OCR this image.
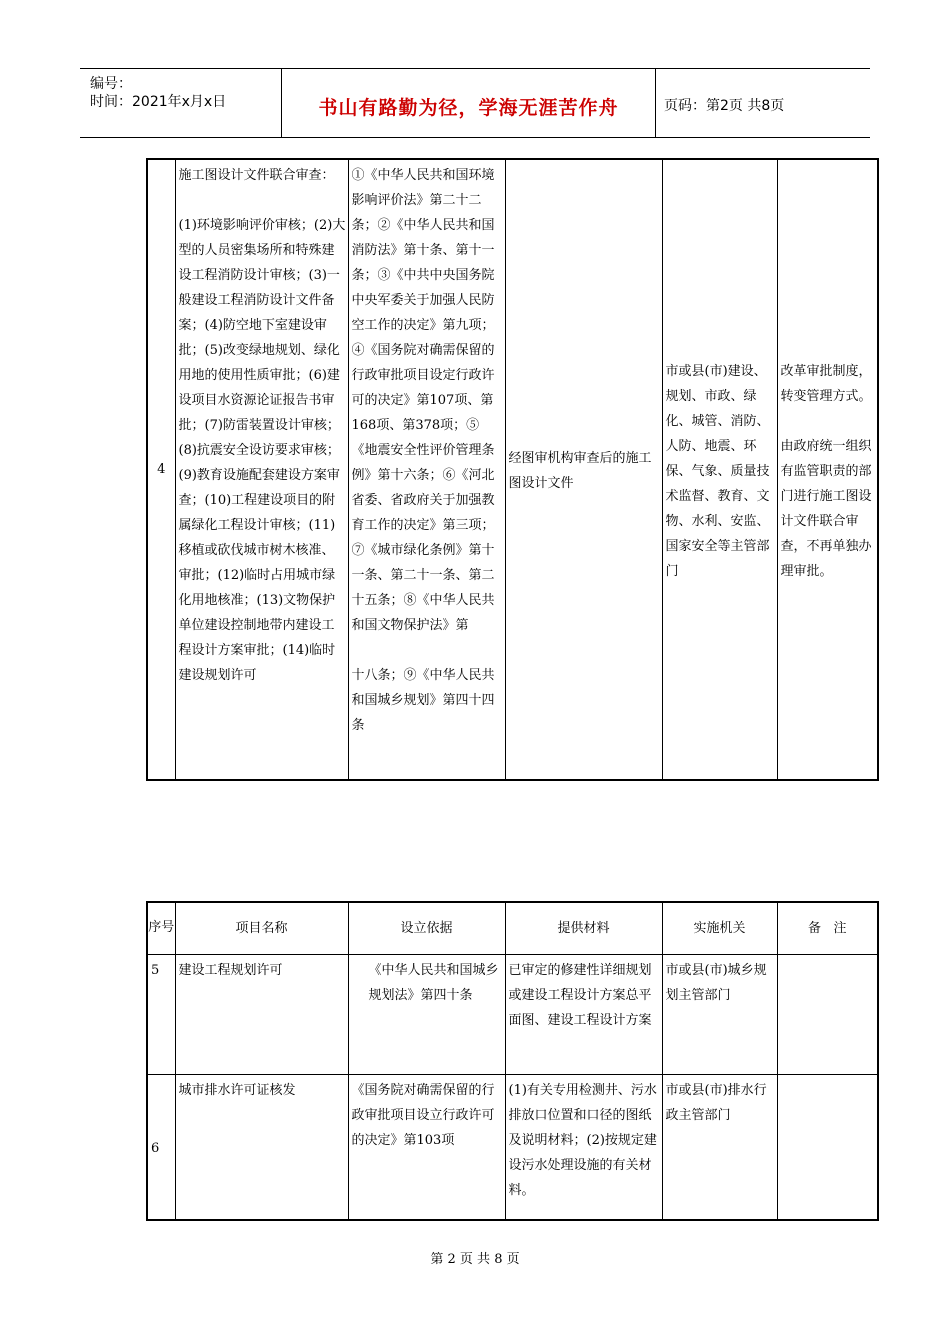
编号：
时间：2021年x月x日	书山有路勤为径，学海无涯苦作舟	页码：第2页 共8页
4	施工图设计文件联合审查：

(1)环境影响评价审核；(2)大型的人员密集场所和特殊建设工程消防设计审核；(3)一般建设工程消防设计文件备案；(4)防空地下室建设审批；(5)改变绿地规划、绿化用地的使用性质审批；(6)建设项目水资源论证报告书审批；(7)防雷装置设计审核；(8)抗震安全设访要求审核；(9)教育设施配套建设方案审查；(10)工程建设项目的附属绿化工程设计审核；(11)移植或砍伐城市树木核准、审批；(12)临时占用城市绿化用地核准；(13)文物保护单位建设控制地带内建设工程设计方案审批；(14)临时建设规划许可	①《中华人民共和国环境影响评价法》第二十二条；②《中华人民共和国消防法》第十条、第十一条；③《中共中央国务院中央军委关于加强人民防空工作的决定》第九项；④《国务院对确需保留的行政审批项目设定行政许可的决定》第107项、第168项、第378项；⑤《地震安全性评价管理条例》第十六条；⑥《河北省委、省政府关于加强教育工作的决定》第三项；⑦《城市绿化条例》第十一条、第二十一条、第二十五条；⑧《中华人民共和国文物保护法》第

十八条；⑨《中华人民共和国城乡规划》第四十四条	经图审机构审查后的施工图设计文件	市或县(市)建设、规划、市政、绿化、城管、消防、人防、地震、环保、气象、质量技术监督、教育、文物、水利、安监、国家安全等主管部门	改革审批制度，转变管理方式。

由政府统一组织有监管职责的部门进行施工图设计文件联合审查，不再单独办理审批。
序号	项目名称	设立依据	提供材料	实施机关	备   注
5	建设工程规划许可	《中华人民共和国城乡规划法》第四十条	已审定的修建性详细规划或建设工程设计方案总平面图、建设工程设计方案	市或县(市)城乡规划主管部门	
6	城市排水许可证核发	《国务院对确需保留的行政审批项目设立行政许可的决定》第103项	(1)有关专用检测井、污水排放口位置和口径的图纸及说明材料；(2)按规定建设污水处理设施的有关材料。	市或县(市)排水行政主管部门	
第 2 页 共 8 页
